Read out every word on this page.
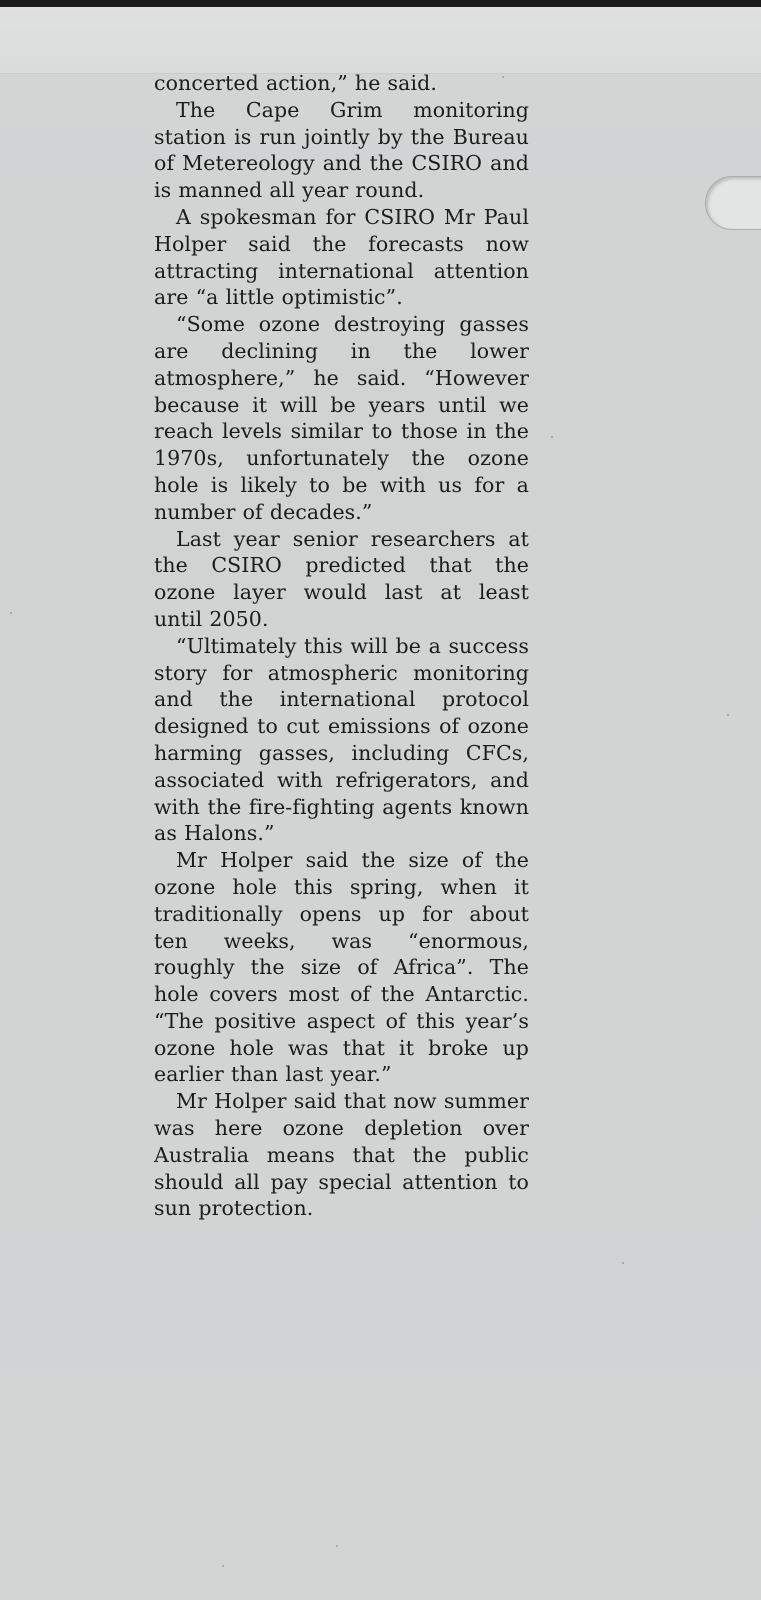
concerted action,” he said.

The Cape Grim monitoring station is run jointly by the Bureau of Metereology and the CSIRO and is manned all year round.

A spokesman for CSIRO Mr Paul Holper said the forecasts now attracting international attention are “a little optimistic”.

“Some ozone destroying gasses are declining in the lower atmosphere,” he said. “However because it will be years until we reach levels similar to those in the 1970s, unfortunately the ozone hole is likely to be with us for a number of decades.”

Last year senior researchers at the CSIRO predicted that the ozone layer would last at least until 2050.

“Ultimately this will be a success story for atmospheric monitoring and the international protocol designed to cut emissions of ozone harming gasses, including CFCs, associated with refrigerators, and with the fire-fighting agents known as Halons.”

Mr Holper said the size of the ozone hole this spring, when it traditionally opens up for about ten weeks, was “enormous, roughly the size of Africa”. The hole covers most of the Antarctic. “The positive aspect of this year’s ozone hole was that it broke up earlier than last year.”

Mr Holper said that now summer was here ozone depletion over Australia means that the public should all pay special attention to sun protection.
